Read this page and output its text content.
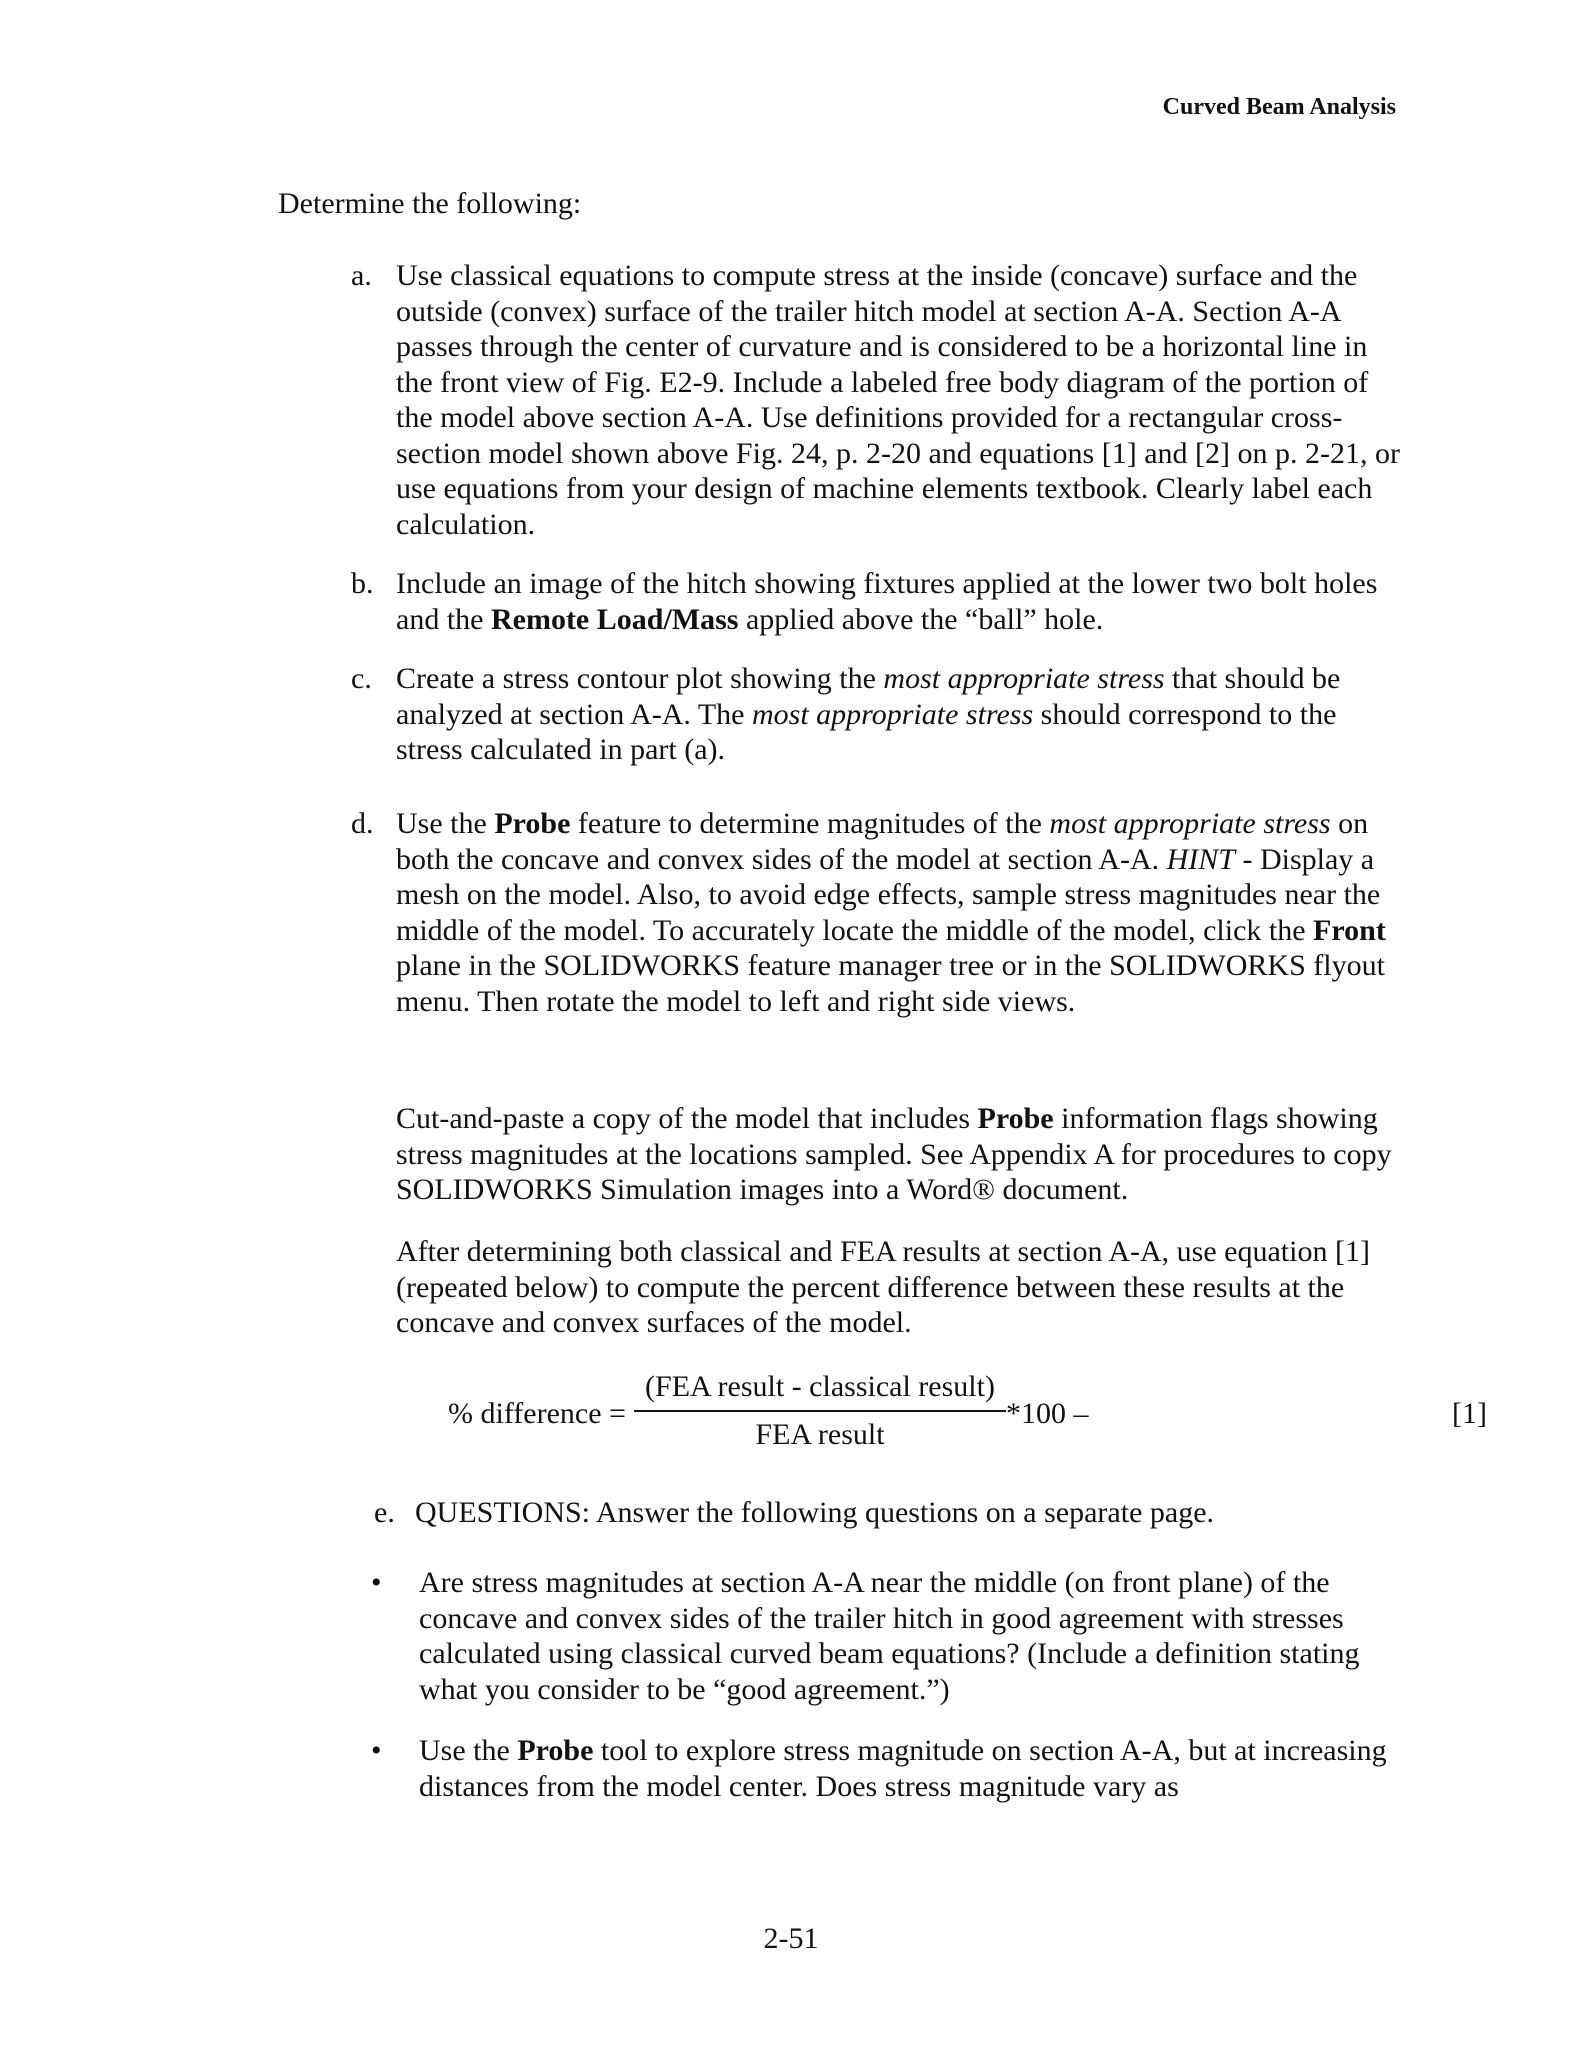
Curved Beam Analysis
Determine the following:
a. Use classical equations to compute stress at the inside (concave) surface and the outside (convex) surface of the trailer hitch model at section A-A. Section A-A passes through the center of curvature and is considered to be a horizontal line in the front view of Fig. E2-9. Include a labeled free body diagram of the portion of the model above section A-A. Use definitions provided for a rectangular cross-section model shown above Fig. 24, p. 2-20 and equations [1] and [2] on p. 2-21, or use equations from your design of machine elements textbook. Clearly label each calculation.
b. Include an image of the hitch showing fixtures applied at the lower two bolt holes and the Remote Load/Mass applied above the “ball” hole.
c. Create a stress contour plot showing the most appropriate stress that should be analyzed at section A-A. The most appropriate stress should correspond to the stress calculated in part (a).
d. Use the Probe feature to determine magnitudes of the most appropriate stress on both the concave and convex sides of the model at section A-A. HINT - Display a mesh on the model. Also, to avoid edge effects, sample stress magnitudes near the middle of the model. To accurately locate the middle of the model, click the Front plane in the SOLIDWORKS feature manager tree or in the SOLIDWORKS flyout menu. Then rotate the model to left and right side views.
Cut-and-paste a copy of the model that includes Probe information flags showing stress magnitudes at the locations sampled. See Appendix A for procedures to copy SOLIDWORKS Simulation images into a Word® document.
After determining both classical and FEA results at section A-A, use equation [1] (repeated below) to compute the percent difference between these results at the concave and convex surfaces of the model.
% difference =
(FEA result - classical result)
FEA result
*100 –	[1]
e. QUESTIONS: Answer the following questions on a separate page.
• Are stress magnitudes at section A-A near the middle (on front plane) of the concave and convex sides of the trailer hitch in good agreement with stresses calculated using classical curved beam equations? (Include a definition stating what you consider to be “good agreement.”)
• Use the Probe tool to explore stress magnitude on section A-A, but at increasing distances from the model center. Does stress magnitude vary as
2-51
